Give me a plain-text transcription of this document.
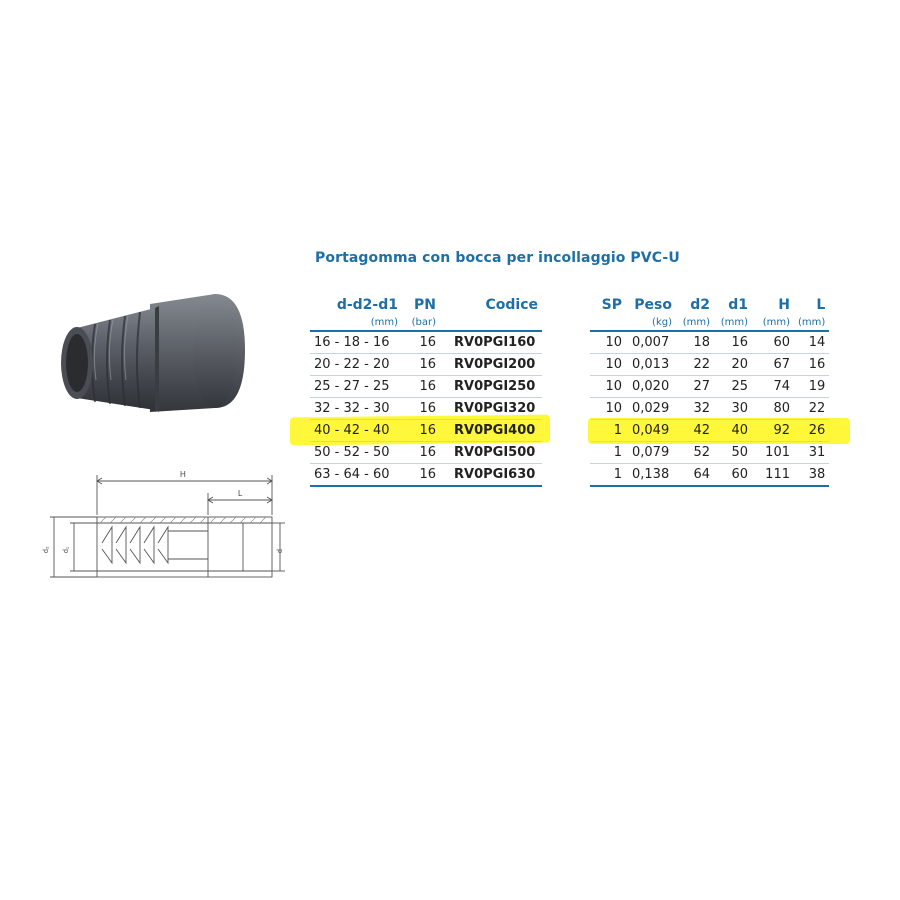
H
L
d₂ d₁	d
Portagomma con bocca per incollaggio PVC-U
d-d2-d1	PN	Codice
(mm)	(bar)	
16 - 18 - 16	16	RV0PGI160
20 - 22 - 20	16	RV0PGI200
25 - 27 - 25	16	RV0PGI250
32 - 32 - 30	16	RV0PGI320
40 - 42 - 40	16	RV0PGI400
50 - 52 - 50	16	RV0PGI500
63 - 64 - 60	16	RV0PGI630
SP	Peso	d2	d1	H	L
	(kg)	(mm)	(mm)	(mm)	(mm)
10	0,007	18	16	60	14
10	0,013	22	20	67	16
10	0,020	27	25	74	19
10	0,029	32	30	80	22
1	0,049	42	40	92	26
1	0,079	52	50	101	31
1	0,138	64	60	111	38
